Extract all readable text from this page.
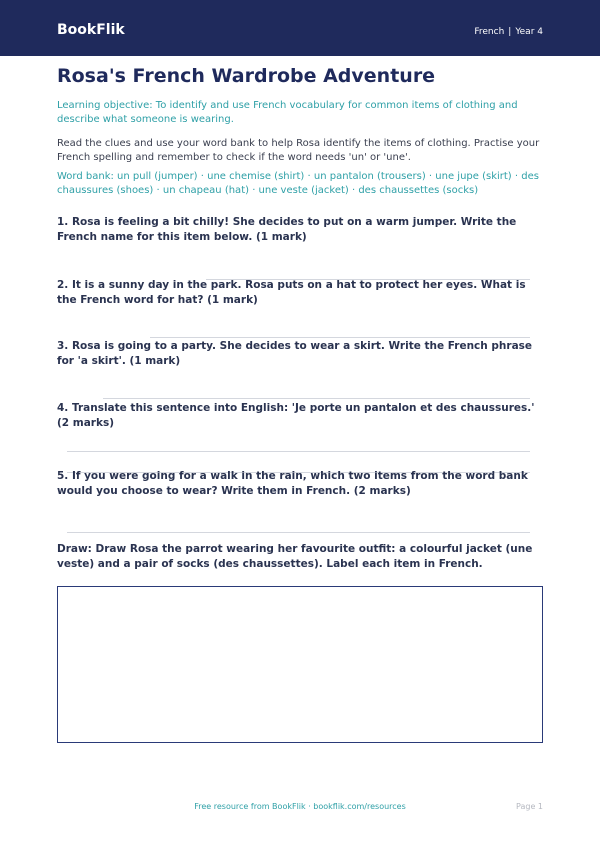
BookFlik	French | Year 4
Rosa's French Wardrobe Adventure
Learning objective: To identify and use French vocabulary for common items of clothing and describe what someone is wearing.
Read the clues and use your word bank to help Rosa identify the items of clothing. Practise your French spelling and remember to check if the word needs 'un' or 'une'.
Word bank: un pull (jumper) · une chemise (shirt) · un pantalon (trousers) · une jupe (skirt) · des chaussures (shoes) · un chapeau (hat) · une veste (jacket) · des chaussettes (socks)
1. Rosa is feeling a bit chilly! She decides to put on a warm jumper. Write the French name for this item below. (1 mark)
2. It is a sunny day in the park. Rosa puts on a hat to protect her eyes. What is the French word for hat? (1 mark)
3. Rosa is going to a party. She decides to wear a skirt. Write the French phrase for 'a skirt'. (1 mark)
4. Translate this sentence into English: 'Je porte un pantalon et des chaussures.' (2 marks)
5. If you were going for a walk in the rain, which two items from the word bank would you choose to wear? Write them in French. (2 marks)
Draw: Draw Rosa the parrot wearing her favourite outfit: a colourful jacket (une veste) and a pair of socks (des chaussettes). Label each item in French.
Free resource from BookFlik · bookflik.com/resources	Page 1
